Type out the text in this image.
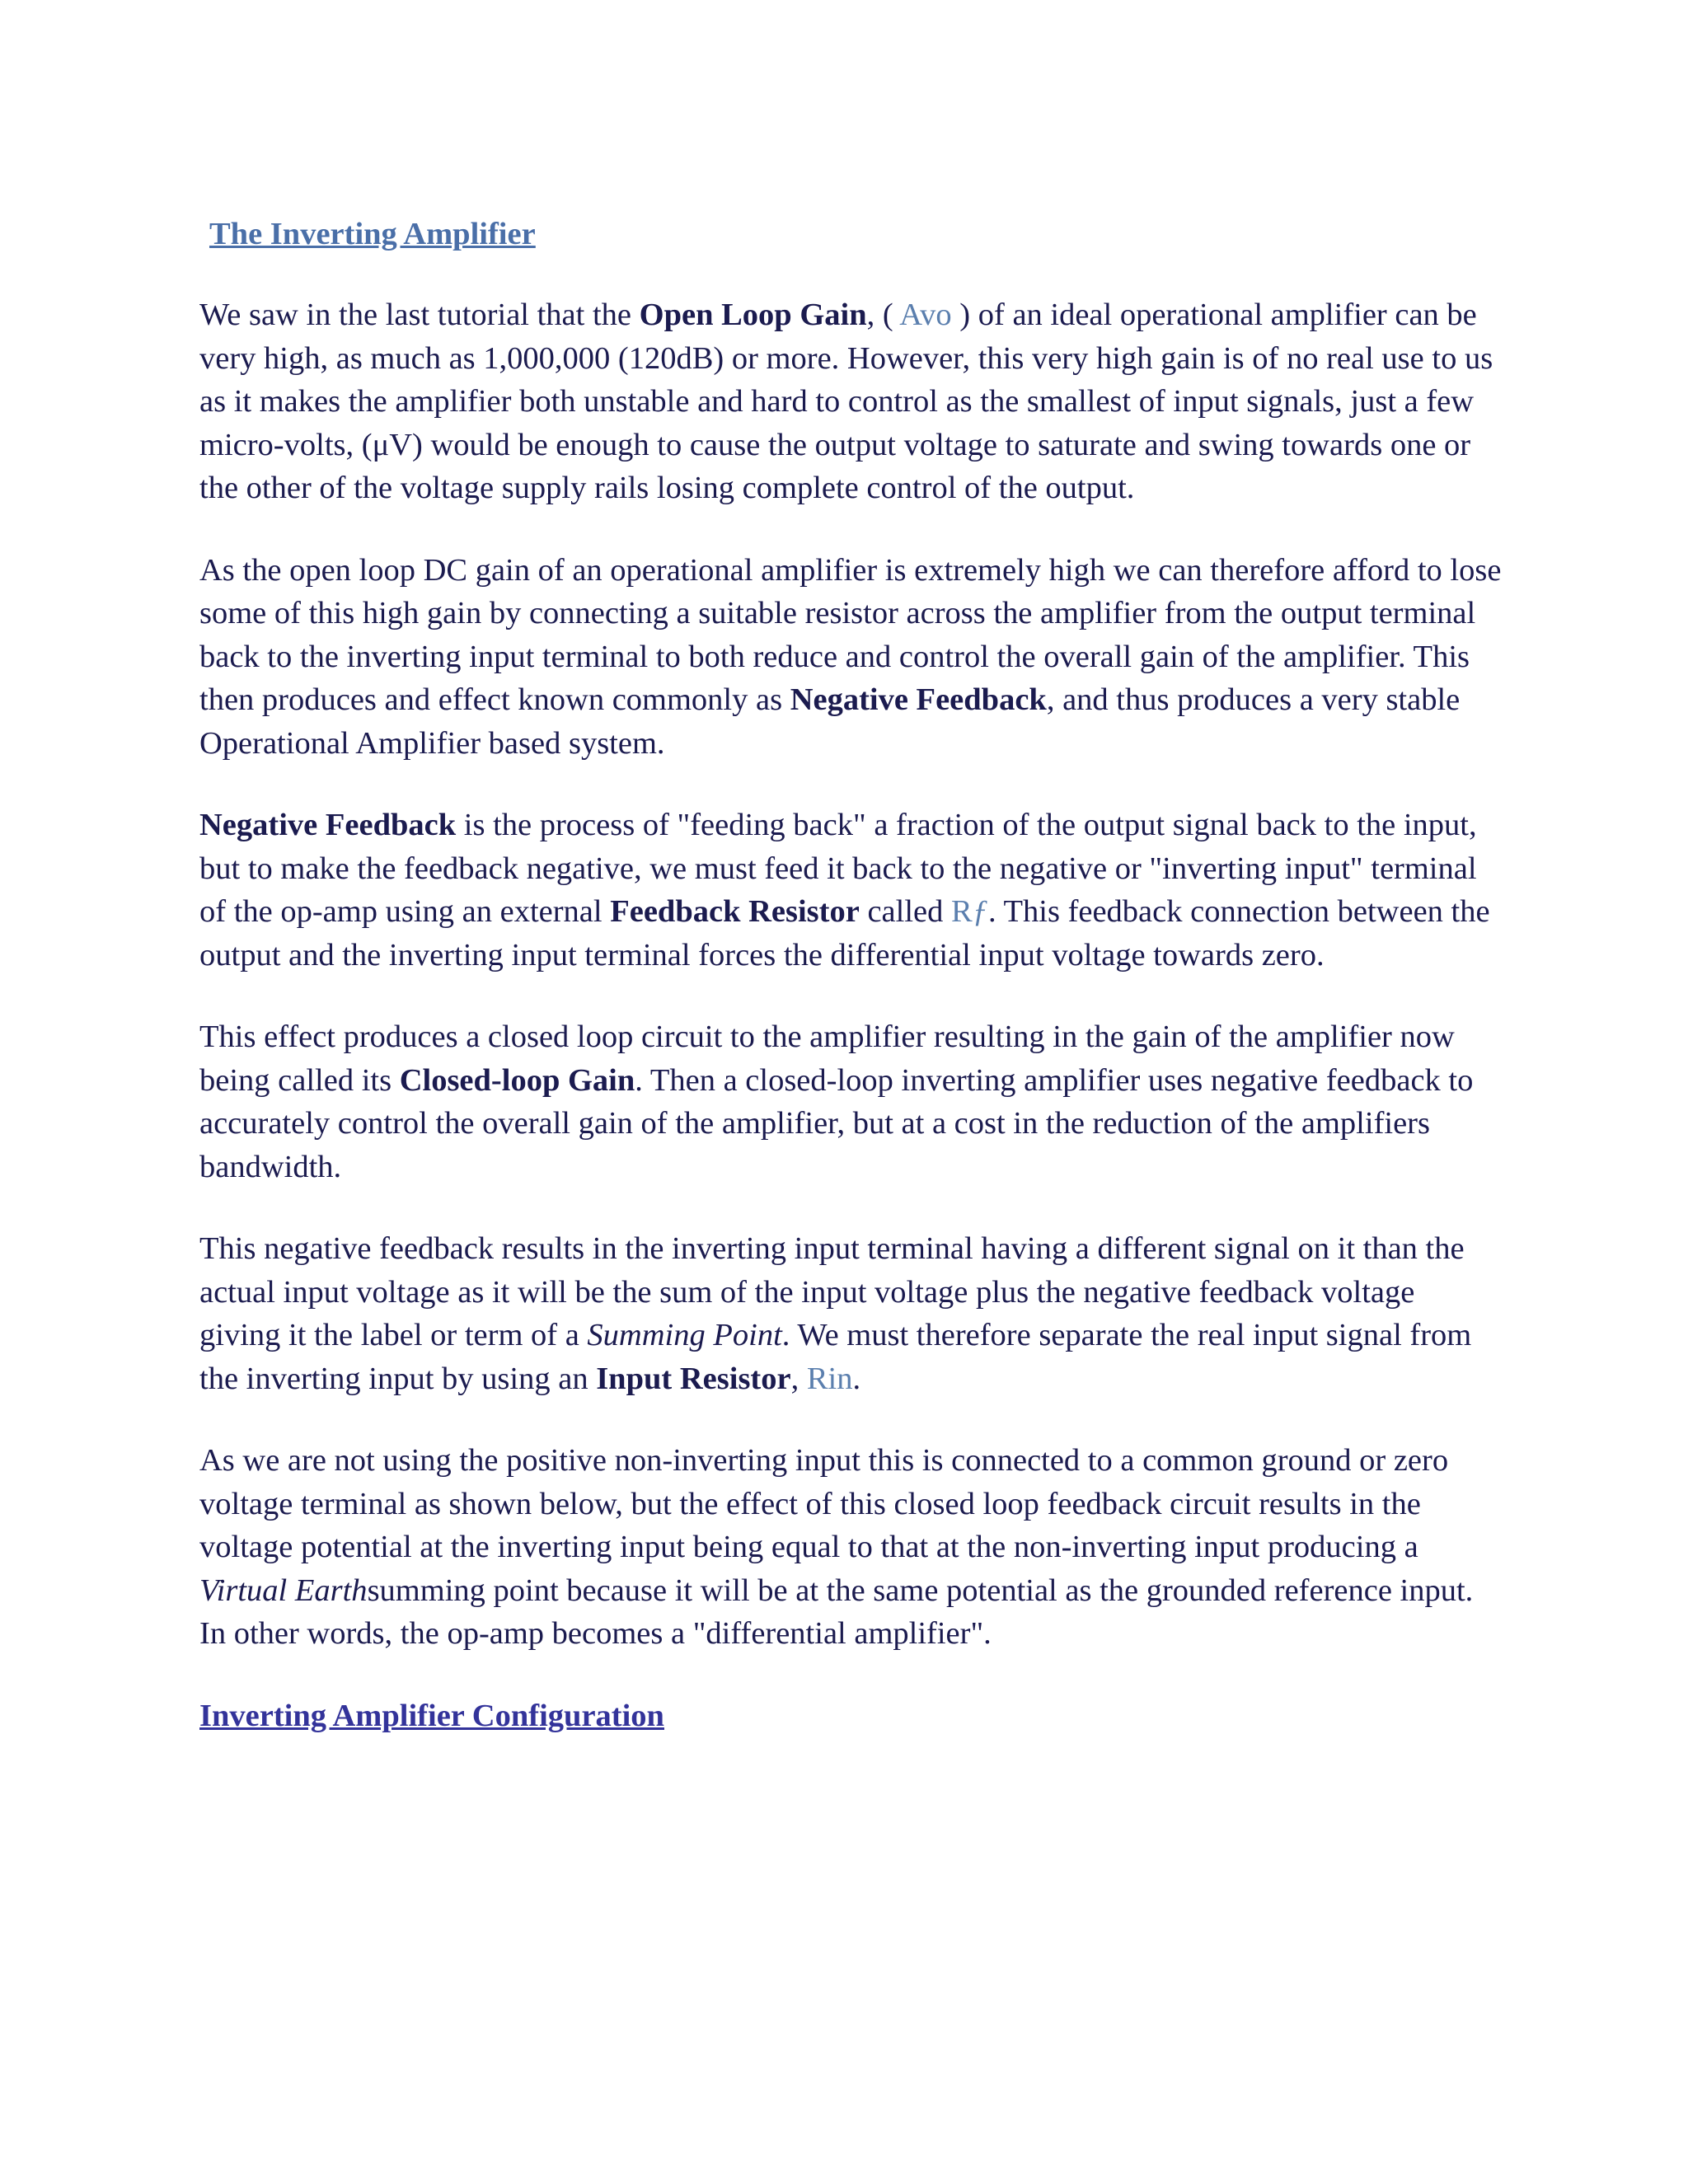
The Inverting Amplifier

We saw in the last tutorial that the Open Loop Gain, ( Avo ) of an ideal operational amplifier can be very high, as much as 1,000,000 (120dB) or more. However, this very high gain is of no real use to us as it makes the amplifier both unstable and hard to control as the smallest of input signals, just a few micro-volts, (μV) would be enough to cause the output voltage to saturate and swing towards one or the other of the voltage supply rails losing complete control of the output.

As the open loop DC gain of an operational amplifier is extremely high we can therefore afford to lose some of this high gain by connecting a suitable resistor across the amplifier from the output terminal back to the inverting input terminal to both reduce and control the overall gain of the amplifier. This then produces and effect known commonly as Negative Feedback, and thus produces a very stable Operational Amplifier based system.

Negative Feedback is the process of "feeding back" a fraction of the output signal back to the input, but to make the feedback negative, we must feed it back to the negative or "inverting input" terminal of the op-amp using an external Feedback Resistor called Rƒ. This feedback connection between the output and the inverting input terminal forces the differential input voltage towards zero.

This effect produces a closed loop circuit to the amplifier resulting in the gain of the amplifier now being called its Closed-loop Gain. Then a closed-loop inverting amplifier uses negative feedback to accurately control the overall gain of the amplifier, but at a cost in the reduction of the amplifiers bandwidth.

This negative feedback results in the inverting input terminal having a different signal on it than the actual input voltage as it will be the sum of the input voltage plus the negative feedback voltage giving it the label or term of a Summing Point. We must therefore separate the real input signal from the inverting input by using an Input Resistor, Rin.

As we are not using the positive non-inverting input this is connected to a common ground or zero voltage terminal as shown below, but the effect of this closed loop feedback circuit results in the voltage potential at the inverting input being equal to that at the non-inverting input producing a Virtual Earthsumming point because it will be at the same potential as the grounded reference input. In other words, the op-amp becomes a "differential amplifier".

Inverting Amplifier Configuration
